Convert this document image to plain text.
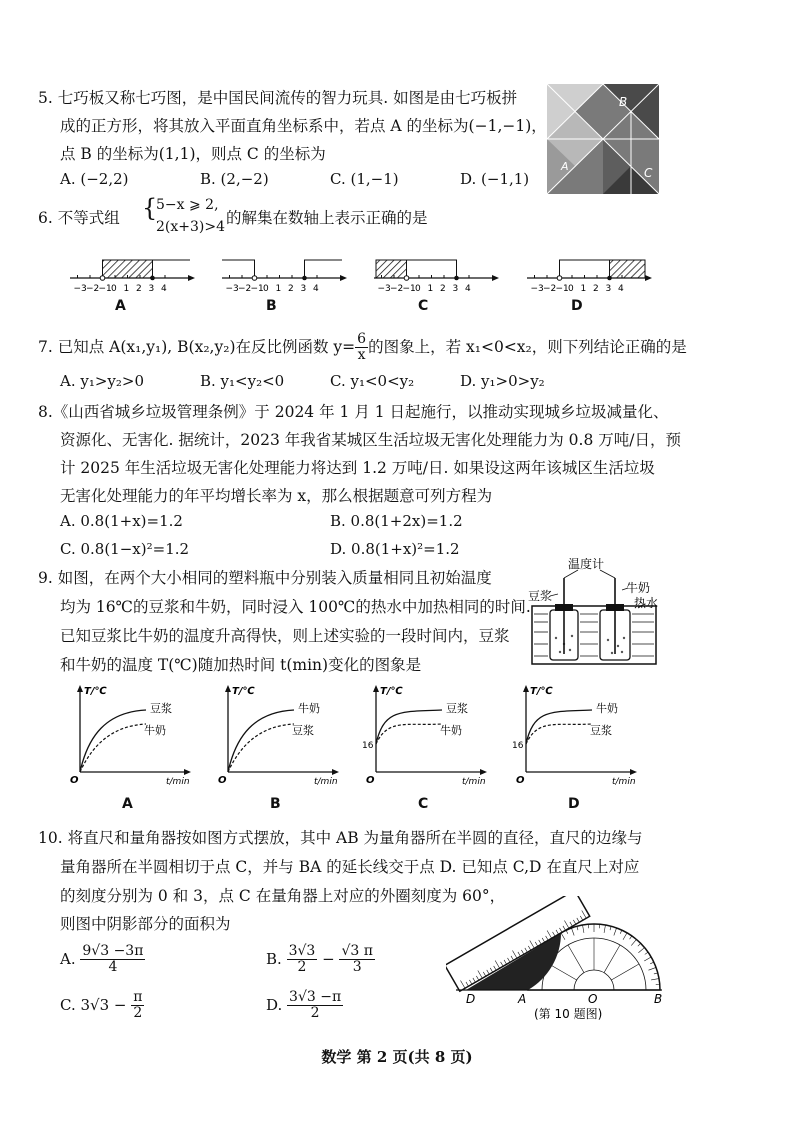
5. 七巧板又称七巧图，是中国民间流传的智力玩具. 如图是由七巧板拼
成的正方形，将其放入平面直角坐标系中，若点 A 的坐标为(−1,−1)，
点 B 的坐标为(1,1)，则点 C 的坐标为
A. (−2,2)	B. (2,−2)	C. (1,−1)	D. (−1,1)
B
A	C
6. 不等式组 {
5−x ⩾ 2,
2(x+3)>4 的解集在数轴上表示正确的是
−3 −2 −1 0 1 2 3 4	−3 −2 −1 0 1 2 3 4	−3 −2 −1 0 1 2 3 4	−3 −2 −1 0 1 2 3 4
A	B	C	D
7. 已知点 A(x₁,y₁), B(x₂,y₂)在反比例函数 $y= \frac{6}{x}$ 的图象上，若 x₁<0<x₂，则下列结论正确的是
A. y₁>y₂>0	B. y₁<y₂<0	C. y₁<0<y₂	D. y₁>0>y₂
8.《山西省城乡垃圾管理条例》于 2024 年 1 月 1 日起施行，以推动实现城乡垃圾减量化、
资源化、无害化. 据统计，2023 年我省某城区生活垃圾无害化处理能力为 0.8 万吨/日，预
计 2025 年生活垃圾无害化处理能力将达到 1.2 万吨/日. 如果设这两年该城区生活垃圾
无害化处理能力的年平均增长率为 x，那么根据题意可列方程为
A. 0.8(1+x)=1.2	B. 0.8(1+2x)=1.2
C. 0.8(1−x)²=1.2	D. 0.8(1+x)²=1.2
9. 如图，在两个大小相同的塑料瓶中分别装入质量相同且初始温度
均为 16℃的豆浆和牛奶，同时浸入 100℃的热水中加热相同的时间.
已知豆浆比牛奶的温度升高得快，则上述实验的一段时间内，豆浆
和牛奶的温度 T(℃)随加热时间 t(min)变化的图象是
温度计
豆浆
牛奶
热水
T/℃
t/min
O
豆浆
牛奶
A
T/℃
t/min
O
牛奶
豆浆
B
T/℃
t/min
O
16
豆浆
牛奶
C
T/℃
t/min
O
16
牛奶
豆浆
D
10. 将直尺和量角器按如图方式摆放，其中 AB 为量角器所在半圆的直径，直尺的边缘与
量角器所在半圆相切于点 C，并与 BA 的延长线交于点 D. 已知点 C,D 在直尺上对应
的刻度分别为 0 和 3，点 C 在量角器上对应的外圈刻度为 60°，
则图中阴影部分的面积为
A. $\frac{9√3 -3\pi}{4}$	B. $\frac{3√3}{2} - \frac{√3 \pi}{3}$
C. $3√3 - \frac{\pi}{2}$	D. $\frac{3√3 -\pi}{2}$	D	A	O	B
(第 10 题图)
数学 第 2 页(共 8 页)
